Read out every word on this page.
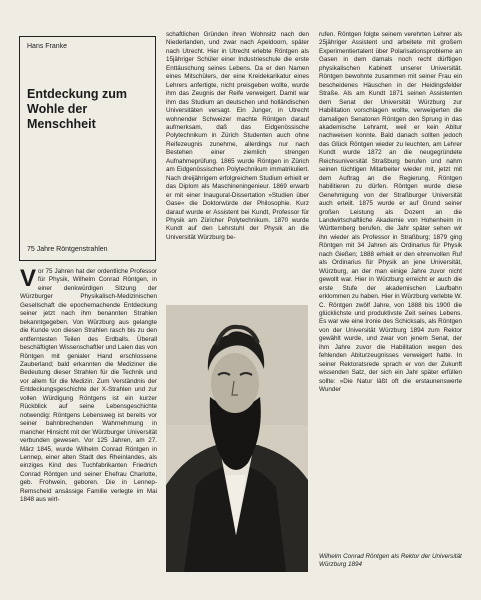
Hans Franke
Entdeckung zum Wohle der Menschheit
75 Jahre Röntgenstrahlen

Vor 75 Jahren hat der ordentliche Professor für Physik, Wilhelm Conrad Röntgen, in einer denkwürdigen Sitzung der Würzburger Physikalisch-Medizinischen Gesellschaft die epochemachende Entdeckung seiner jetzt nach ihm benannten Strahlen bekanntgegeben. Von Würzburg aus gelangte die Kunde von diesen Strahlen rasch bis zu den entferntesten Teilen des Erdballs. Überall beschäftigten Wissenschaftler und Laien das von Röntgen mit genialer Hand erschlossene Zauberland; bald erkannten die Mediziner die Bedeutung dieser Strahlen für die Technik und vor allem für die Medizin. Zum Verständnis der Entdeckungsgeschichte der X-Strahlen und zur vollen Würdigung Röntgens ist ein kurzer Rückblick auf seine Lebensgeschichte notwendig: Röntgens Lebensweg ist bereits vor seiner bahnbrechenden Wahrnehmung in mancher Hinsicht mit der Würzburger Universität verbunden gewesen. Vor 125 Jahren, am 27. März 1845, wurde Wilhelm Conrad Röntgen in Lennep, einer alten Stadt des Rheinlandes, als einziges Kind des Tuchfabrikanten Friedrich Conrad Röntgen und seiner Ehefrau Charlotte, geb. Frohwein, geboren. Die in Lennep-Remscheid ansässige Familie verlegte im Mai 1848 aus wirt-

schaftlichen Gründen ihren Wohnsitz nach den Niederlanden, und zwar nach Apeldoorn, später nach Utrecht. Hier in Utrecht erlebte Röntgen als 15jähriger Schüler einer Industrieschule die erste Enttäuschung seines Lebens. Da er den Namen eines Mitschülers, der eine Kreidekarikatur eines Lehrers anfertigte, nicht preisgeben wollte, wurde ihm das Zeugnis der Reife verweigert. Damit war ihm das Studium an deutschen und holländischen Universitäten versagt. Ein Junger, in Utrecht wohnender Schweizer machte Röntgen darauf aufmerksam, daß das Eidgenössische Polytechnikum in Zürich Studenten auch ohne Reifezeugnis zunehme, allerdings nur nach Bestehen einer ziemlich strengen Aufnahmeprüfung. 1865 wurde Röntgen in Zürich am Eidgenössischen Polytechnikum immatrikuliert. Nach dreijährigem erfolgreichem Studium erhielt er das Diplom als Maschineningenieur. 1869 erwarb er mit einer Inaugural-Dissertation »Studien über Gase« die Doktorwürde der Philosophie. Kurz darauf wurde er Assistent bei Kundt, Professor für Physik am Züricher Polytechnikum. 1870 wurde Kundt auf den Lehrstuhl der Physik an die Universität Würzburg be-

rufen. Röntgen folgte seinem verehrten Lehrer als 25jähriger Assistent und arbeitete mit großem Experimentiertalent über Polarisationsprobleme an Gasen in dem damals noch recht dürftigen physikalischen Kabinett unserer Universität. Röntgen bewohnte zusammen mit seiner Frau ein bescheidenes Häuschen in der Heidingsfelder Straße. Als am Kundt 1871 seinen Assistenten dem Senat der Universität Würzburg zur Habilitation vorschlagen wollte, verweigerten die damaligen Senatoren Röntgen den Sprung in das akademische Lehramt, weil er kein Abitur nachweisen konnte. Bald danach sollten jedoch das Glück Röntgen wieder zu leuchten, am Lehrer Kundt wurde 1872 an die neugegründete Reichsuniversität Straßburg berufen und nahm seinen tüchtigen Mitarbeiter wieder mit, jetzt mit dem Auftrag an die Regierung, Röntgen habilitieren zu dürfen. Röntgen wurde diese Genehmigung von der Straßburger Universität auch erteilt. 1875 wurde er auf Grund seiner großen Leistung als Dozent an die Landwirtschaftliche Akademie von Hohenheim in Württemberg berufen, die Jahr später sehen wir ihn wieder als Professor in Straßburg; 1879 ging Röntgen mit 34 Jahren als Ordinarius für Physik nach Gießen; 1888 erhielt er den ehrenvollen Ruf als Ordinarius für Physik an jene Universität, Würzburg, an der man einige Jahre zuvor nicht gewollt war. Hier in Würzburg erreicht er auch die erste Stufe der akademischen Laufbahn erklommen zu haben. Hier in Würzburg verlebte W. C. Röntgen zwölf Jahre, von 1888 bis 1900 die glücklichste und produktivste Zeit seines Lebens. Es war wie eine Ironie des Schicksals, als Röntgen von der Universität Würzburg 1894 zum Rektor gewählt wurde, und zwar von jenem Senat, der ihm Jahre zuvor die Habilitation wegen des fehlenden Abiturzeugnisses verweigert hatte. In seiner Rektoratsrede sprach er von der Zukunft wissenden Satz, der sich ein Jahr später erfüllen sollte: »Die Natur läßt oft die erstaunenswerte Wunder

Wilhelm Conrad Röntgen als Rektor der Universität Würzburg 1894
